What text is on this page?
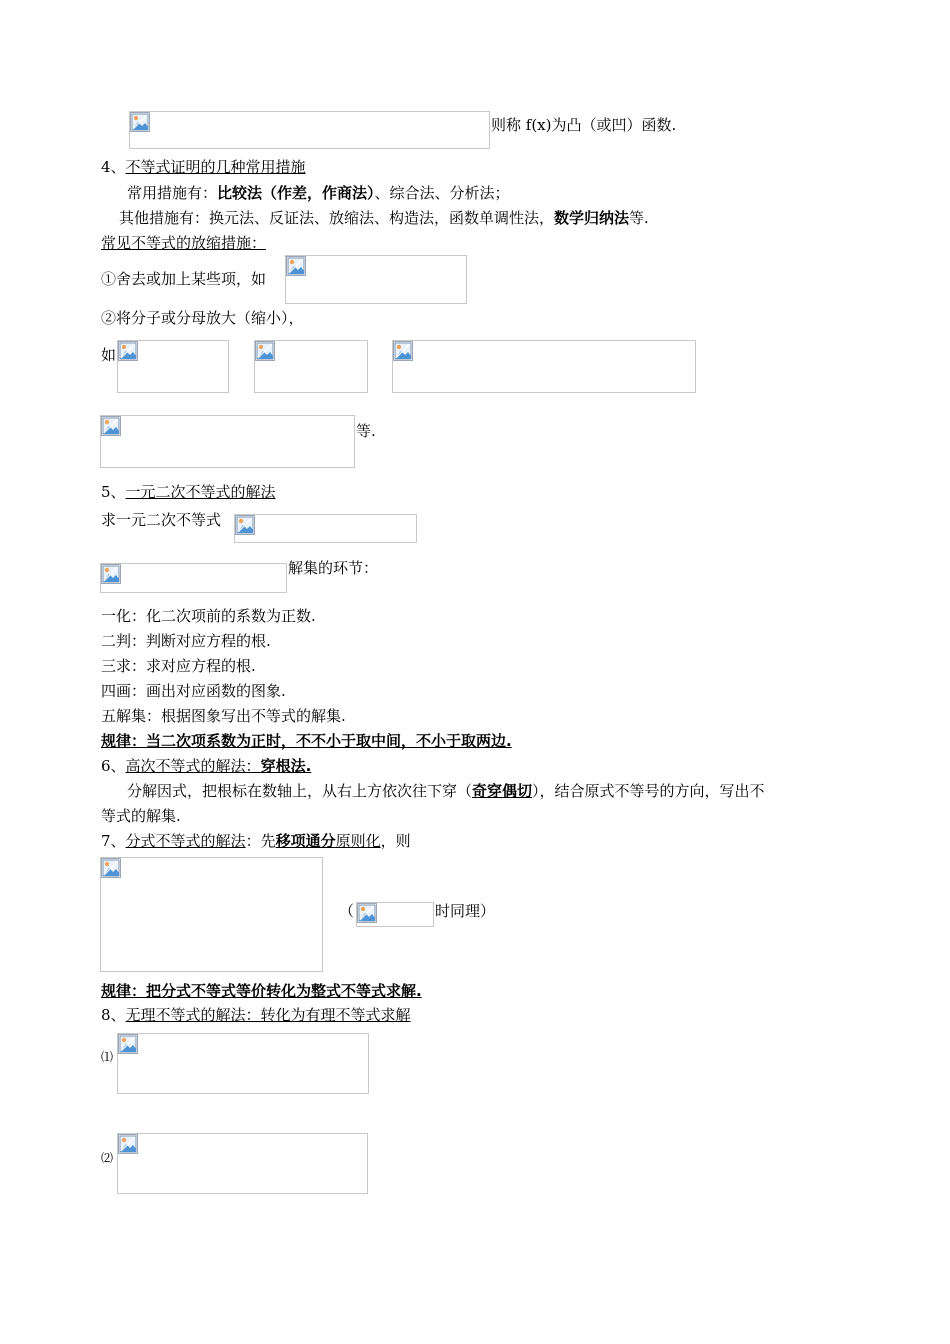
则称 f(x)为凸（或凹）函数.
4、不等式证明的几种常用措施
常用措施有：比较法（作差，作商法）、综合法、分析法；
其他措施有：换元法、反证法、放缩法、构造法，函数单调性法，数学归纳法等.
常见不等式的放缩措施：
①舍去或加上某些项，如
②将分子或分母放大（缩小），
如
等.
5、一元二次不等式的解法
求一元二次不等式
解集的环节：
一化：化二次项前的系数为正数.
二判：判断对应方程的根.
三求：求对应方程的根.
四画：画出对应函数的图象.
五解集：根据图象写出不等式的解集.
规律：当二次项系数为正时，不不小于取中间，不小于取两边.
6、高次不等式的解法：穿根法.
分解因式，把根标在数轴上，从右上方依次往下穿（奇穿偶切），结合原式不等号的方向，写出不
等式的解集.
7、分式不等式的解法：先移项通分原则化，则
（	时同理）
规律：把分式不等式等价转化为整式不等式求解.
8、无理不等式的解法：转化为有理不等式求解
⑴
⑵
